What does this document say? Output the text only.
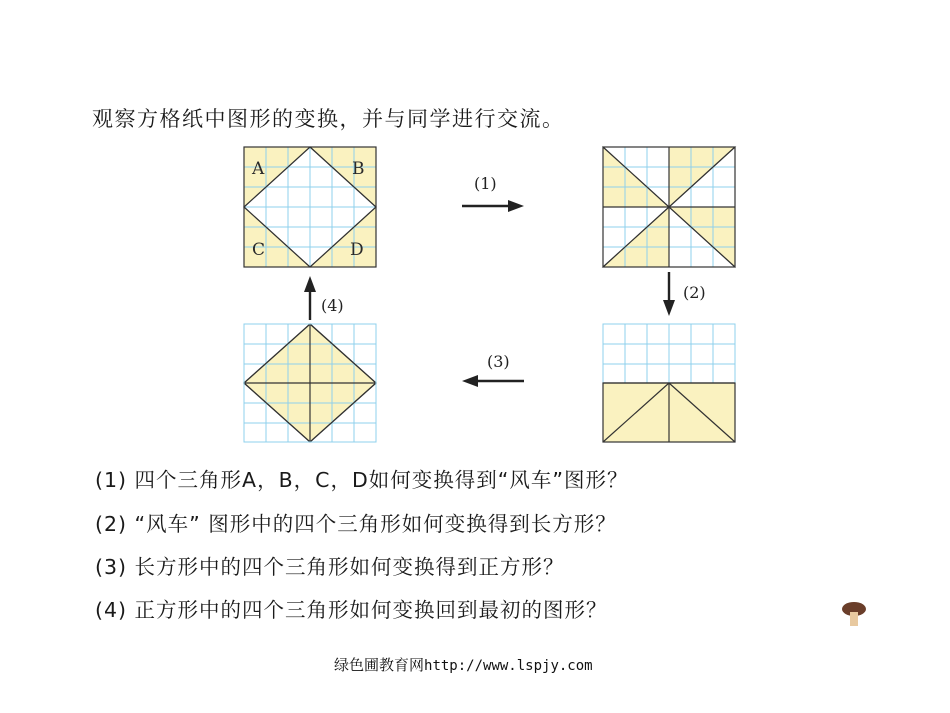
观察方格纸中图形的变换，并与同学进行交流。
A	B
C	D
(1)
(2)
(3)
(4)
(1) 四个三角形A，B，C，D如何变换得到“风车”图形？
(2) “风车” 图形中的四个三角形如何变换得到长方形？
(3) 长方形中的四个三角形如何变换得到正方形？
(4) 正方形中的四个三角形如何变换回到最初的图形？
绿色圃教育网http://www.lspjy.com
